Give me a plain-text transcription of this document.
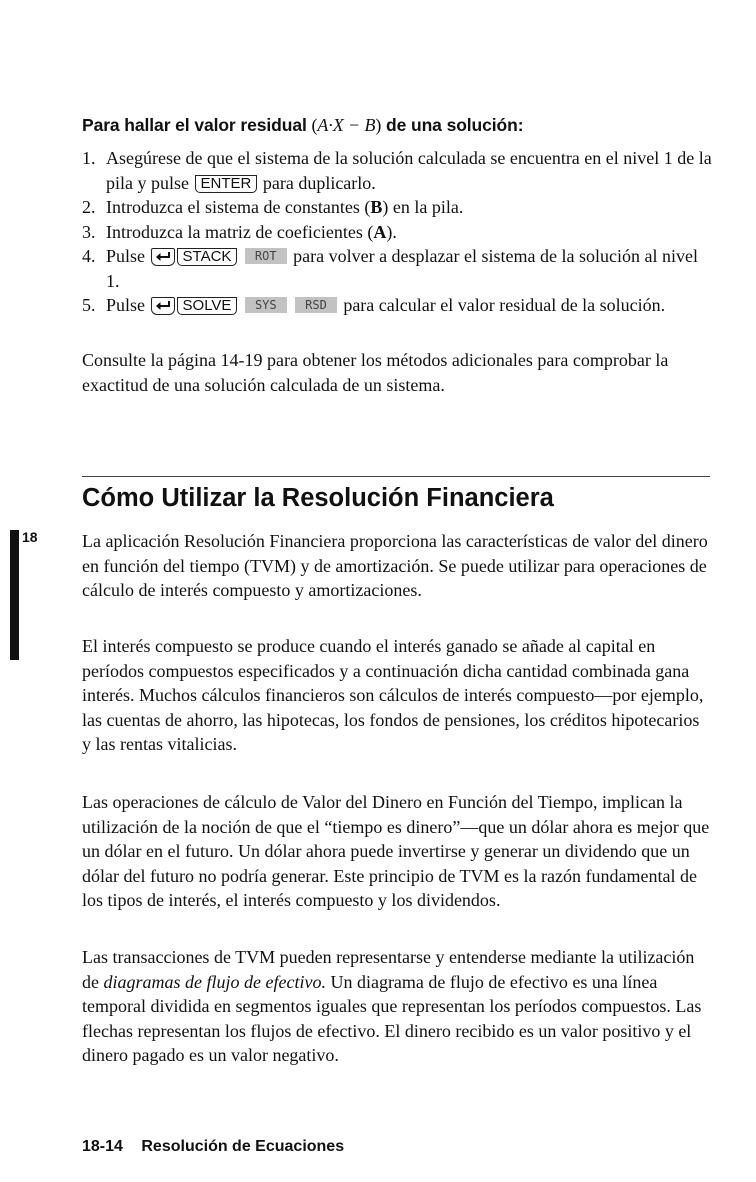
Para hallar el valor residual (A·X − B) de una solución:
1. Asegúrese de que el sistema de la solución calculada se encuentra en el nivel 1 de la pila y pulse ENTER para duplicarlo.
2. Introduzca el sistema de constantes (B) en la pila.
3. Introduzca la matriz de coeficientes (A).
4. Pulse	STACK ROT para volver a desplazar el sistema de la solución al nivel 1.
5. Pulse	SOLVE SYS RSD para calcular el valor residual de la solución.

Consulte la página 14-19 para obtener los métodos adicionales para comprobar la exactitud de una solución calculada de un sistema.

Cómo Utilizar la Resolución Financiera
18 La aplicación Resolución Financiera proporciona las características de valor del dinero en función del tiempo (TVM) y de amortización. Se puede utilizar para operaciones de cálculo de interés compuesto y amortizaciones.

El interés compuesto se produce cuando el interés ganado se añade al capital en períodos compuestos especificados y a continuación dicha cantidad combinada gana interés. Muchos cálculos financieros son cálculos de interés compuesto—por ejemplo, las cuentas de ahorro, las hipotecas, los fondos de pensiones, los créditos hipotecarios y las rentas vitalicias.

Las operaciones de cálculo de Valor del Dinero en Función del Tiempo, implican la utilización de la noción de que el “tiempo es dinero”—que un dólar ahora es mejor que un dólar en el futuro. Un dólar ahora puede invertirse y generar un dividendo que un dólar del futuro no podría generar. Este principio de TVM es la razón fundamental de los tipos de interés, el interés compuesto y los dividendos.

Las transacciones de TVM pueden representarse y entenderse mediante la utilización de diagramas de flujo de efectivo. Un diagrama de flujo de efectivo es una línea temporal dividida en segmentos iguales que representan los períodos compuestos. Las flechas representan los flujos de efectivo. El dinero recibido es un valor positivo y el dinero pagado es un valor negativo.

18-14 Resolución de Ecuaciones
